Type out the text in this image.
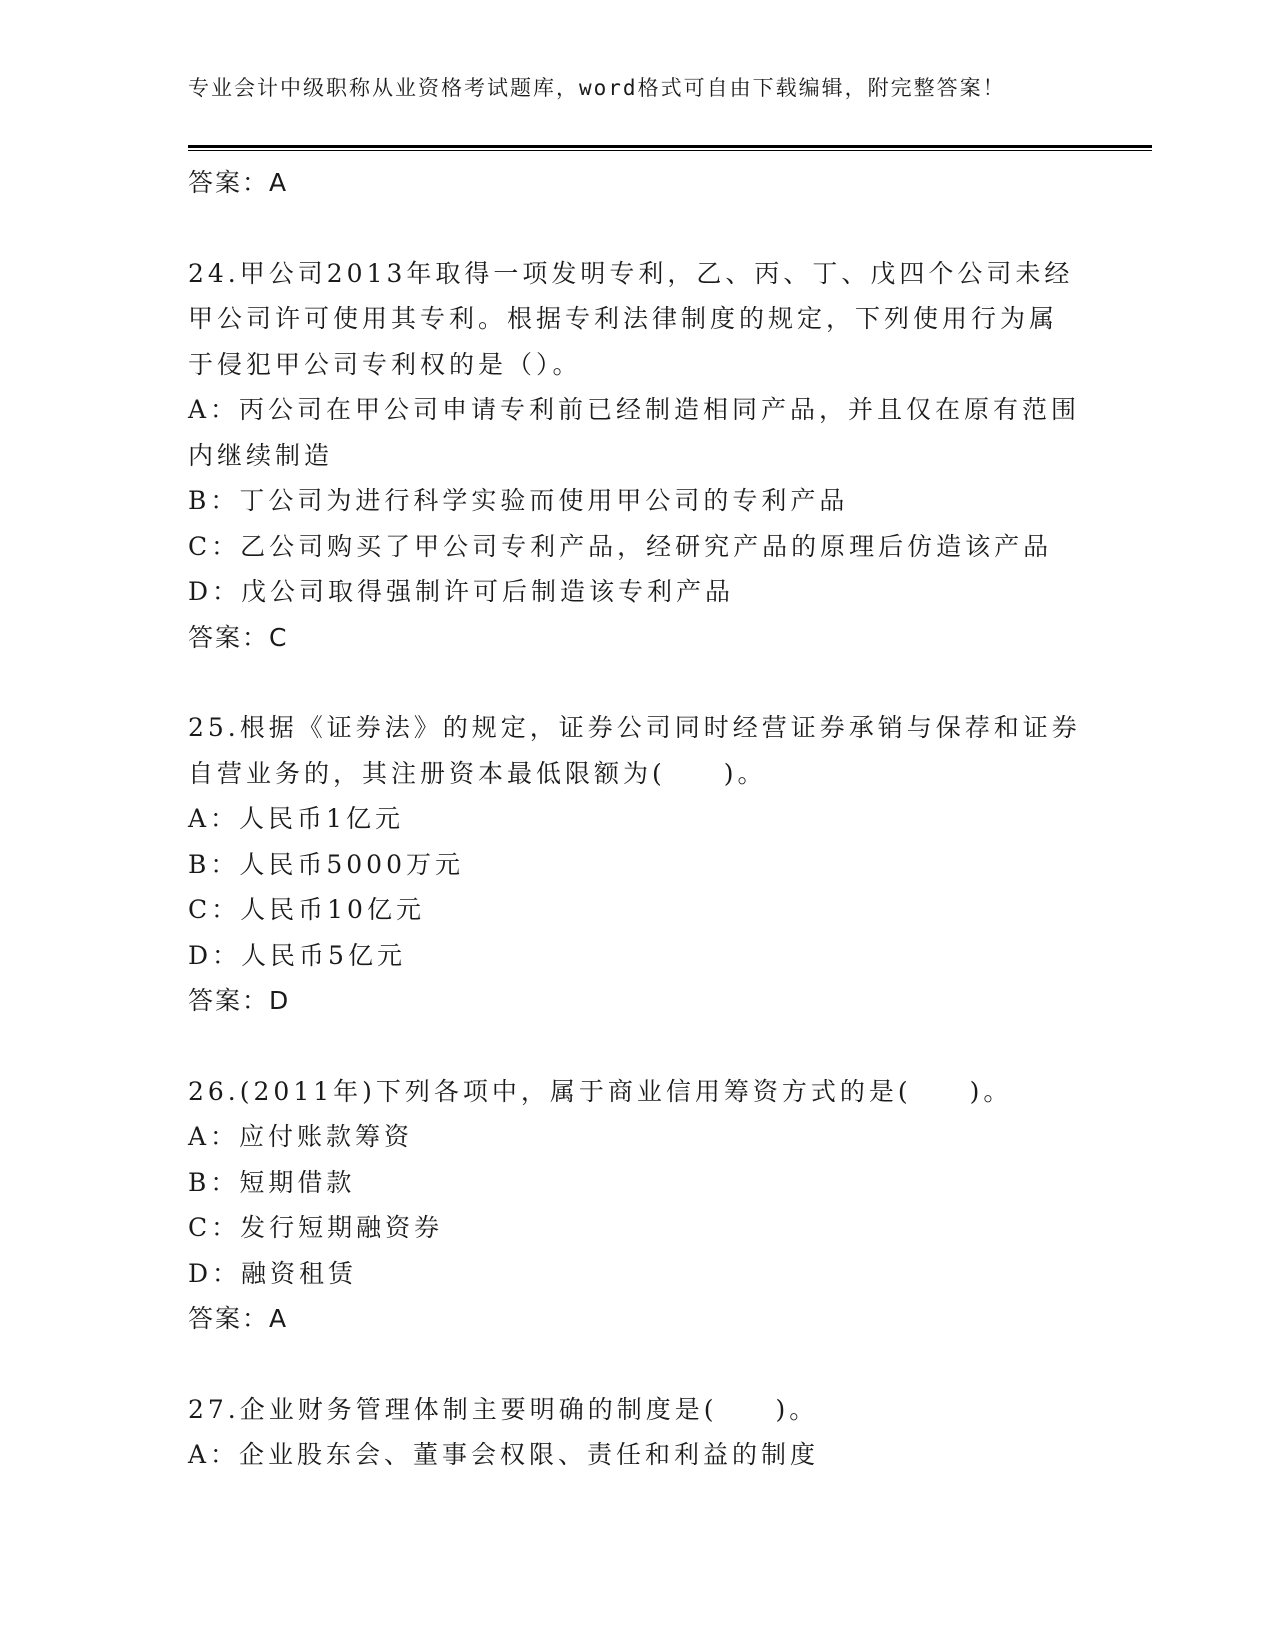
专业会计中级职称从业资格考试题库，word格式可自由下载编辑，附完整答案！
答案：A
24.甲公司2013年取得一项发明专利，乙、丙、丁、戊四个公司未经
甲公司许可使用其专利。根据专利法律制度的规定，下列使用行为属
于侵犯甲公司专利权的是（）。
A：丙公司在甲公司申请专利前已经制造相同产品，并且仅在原有范围
内继续制造
B：丁公司为进行科学实验而使用甲公司的专利产品
C：乙公司购买了甲公司专利产品，经研究产品的原理后仿造该产品
D：戊公司取得强制许可后制造该专利产品
答案：C
25.根据《证券法》的规定，证券公司同时经营证券承销与保荐和证券
自营业务的，其注册资本最低限额为(　　)。
A：人民币1亿元
B：人民币5000万元
C：人民币10亿元
D：人民币5亿元
答案：D
26.(2011年)下列各项中，属于商业信用筹资方式的是(　　)。
A：应付账款筹资
B：短期借款
C：发行短期融资券
D：融资租赁
答案：A
27.企业财务管理体制主要明确的制度是(　　)。
A：企业股东会、董事会权限、责任和利益的制度
